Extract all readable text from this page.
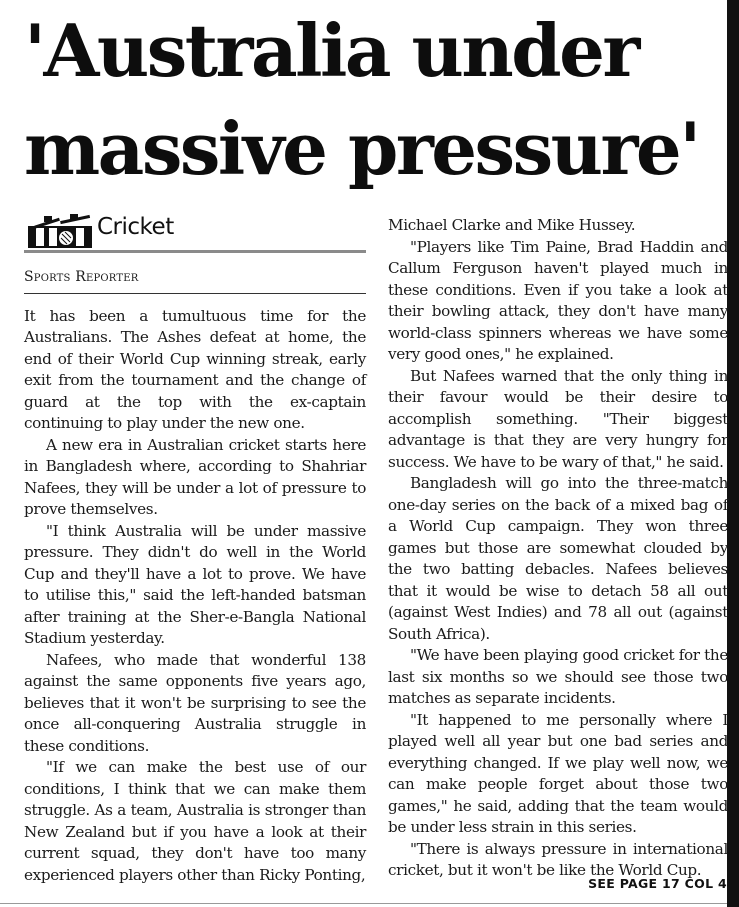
'Australia under
massive pressure'
Cricket
Sports Reporter

It has been a tumultuous time for the Australians. The Ashes defeat at home, the end of their World Cup winning streak, early exit from the tournament and the change of guard at the top with the ex-captain continuing to play under the new one.

A new era in Australian cricket starts here in Bangladesh where, according to Shahriar Nafees, they will be under a lot of pressure to prove themselves.

"I think Australia will be under massive pressure. They didn't do well in the World Cup and they'll have a lot to prove. We have to utilise this," said the left-handed batsman after training at the Sher-e-Bangla National Stadium yesterday.

Nafees, who made that wonderful 138 against the same opponents five years ago, believes that it won't be surprising to see the once all-conquering Australia struggle in these conditions.

"If we can make the best use of our conditions, I think that we can make them struggle. As a team, Australia is stronger than New Zealand but if you have a look at their current squad, they don't have too many experienced players other than Ricky Ponting,

Michael Clarke and Mike Hussey.

"Players like Tim Paine, Brad Haddin and Callum Ferguson haven't played much in these conditions. Even if you take a look at their bowling attack, they don't have many world-class spinners whereas we have some very good ones," he explained.

But Nafees warned that the only thing in their favour would be their desire to accomplish something. "Their biggest advantage is that they are very hungry for success. We have to be wary of that," he said.

Bangladesh will go into the three-match one-day series on the back of a mixed bag of a World Cup campaign. They won three games but those are somewhat clouded by the two batting debacles. Nafees believes that it would be wise to detach 58 all out (against West Indies) and 78 all out (against South Africa).

"We have been playing good cricket for the last six months so we should see those two matches as separate incidents.

"It happened to me personally where I played well all year but one bad series and everything changed. If we play well now, we can make people forget about those two games," he said, adding that the team would be under less strain in this series.

"There is always pressure in international cricket, but it won't be like the World Cup.

SEE PAGE 17 COL 4
